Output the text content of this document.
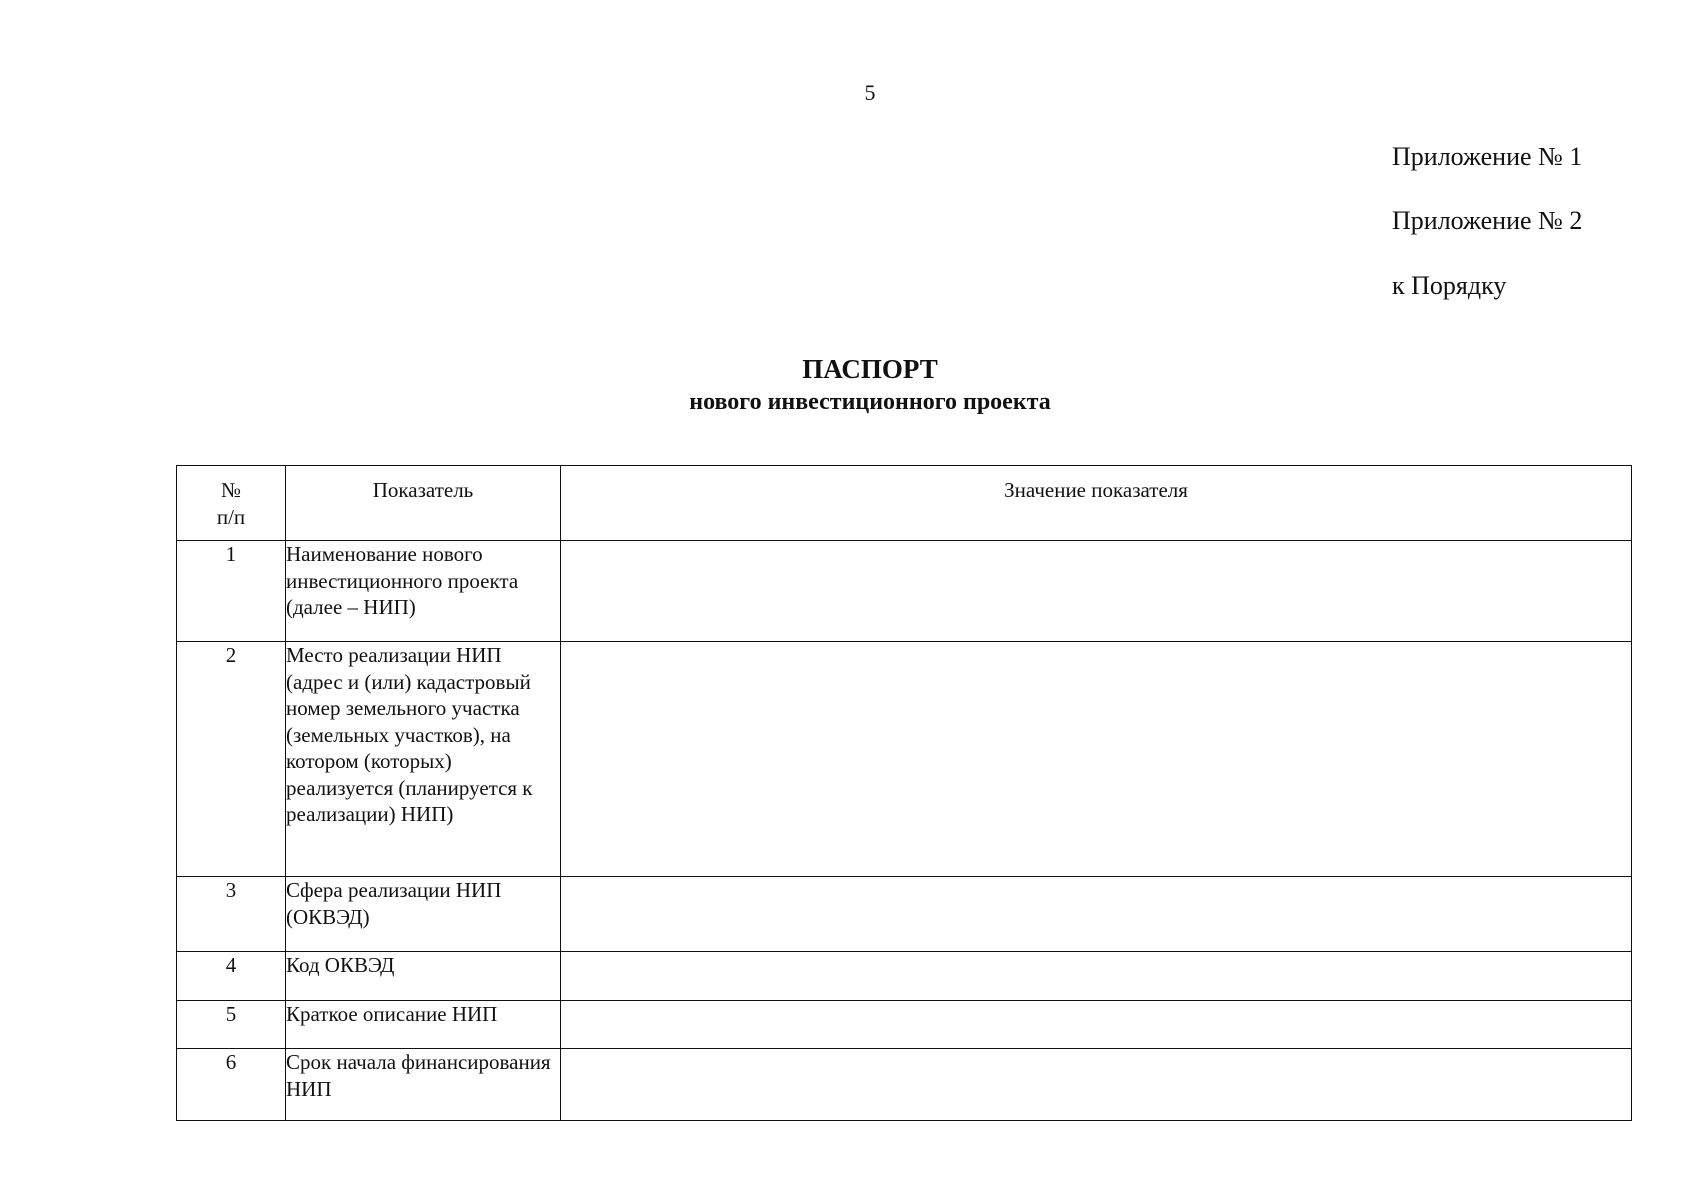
5
Приложение № 1
Приложение № 2
к Порядку
ПАСПОРТ
нового инвестиционного проекта
№ п/п	Показатель	Значение показателя
1	Наименование нового инвестиционного проекта (далее – НИП)	
2	Место реализации НИП (адрес и (или) кадастровый номер земельного участка (земельных участков), на котором (которых) реализуется (планируется к реализации) НИП)	
3	Сфера реализации НИП (ОКВЭД)	
4	Код ОКВЭД	
5	Краткое описание НИП	
6	Срок начала финансирования НИП	
